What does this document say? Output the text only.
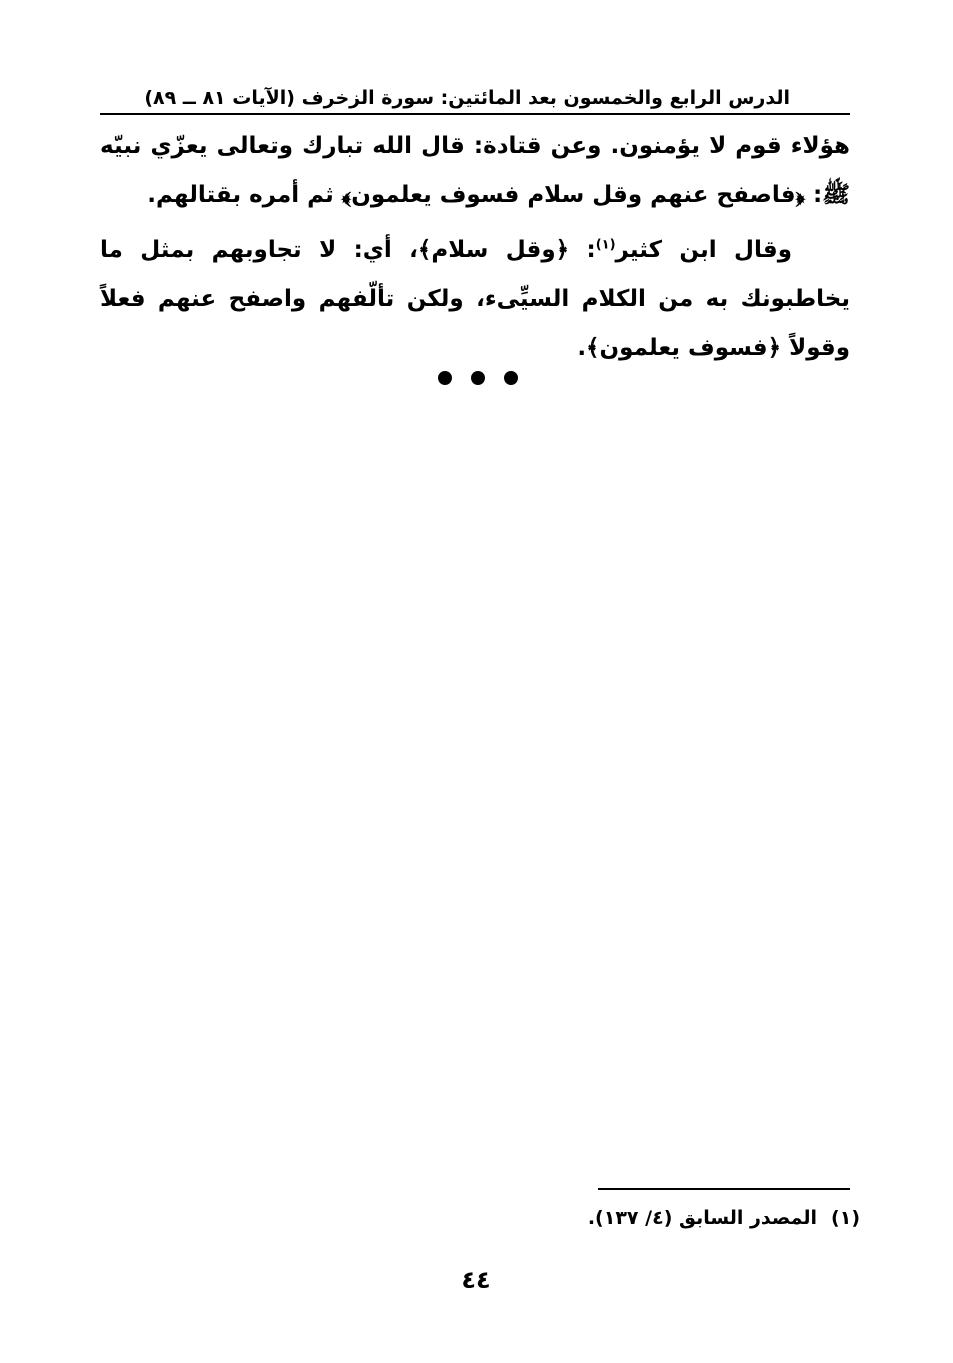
الدرس الرابع والخمسون بعد المائتين: سورة الزخرف (الآيات ٨١ ــ ٨٩)

هؤلاء قوم لا يؤمنون. وعن قتادة: قال الله تبارك وتعالى يعزّي نبيّه ﷺ: ﴿فاصفح عنهم وقل سلام فسوف يعلمون﴾ ثم أمره بقتالهم.

وقال ابن كثير$^{(١)}$: ﴿وقل سلام﴾، أي: لا تجاوبهم بمثل ما يخاطبونك به من الكلام السيِّىء، ولكن تألّفهم واصفح عنهم فعلاً وقولاً ﴿فسوف يعلمون﴾.

(١)المصدر السابق (٤/ ١٣٧).
٤٤
